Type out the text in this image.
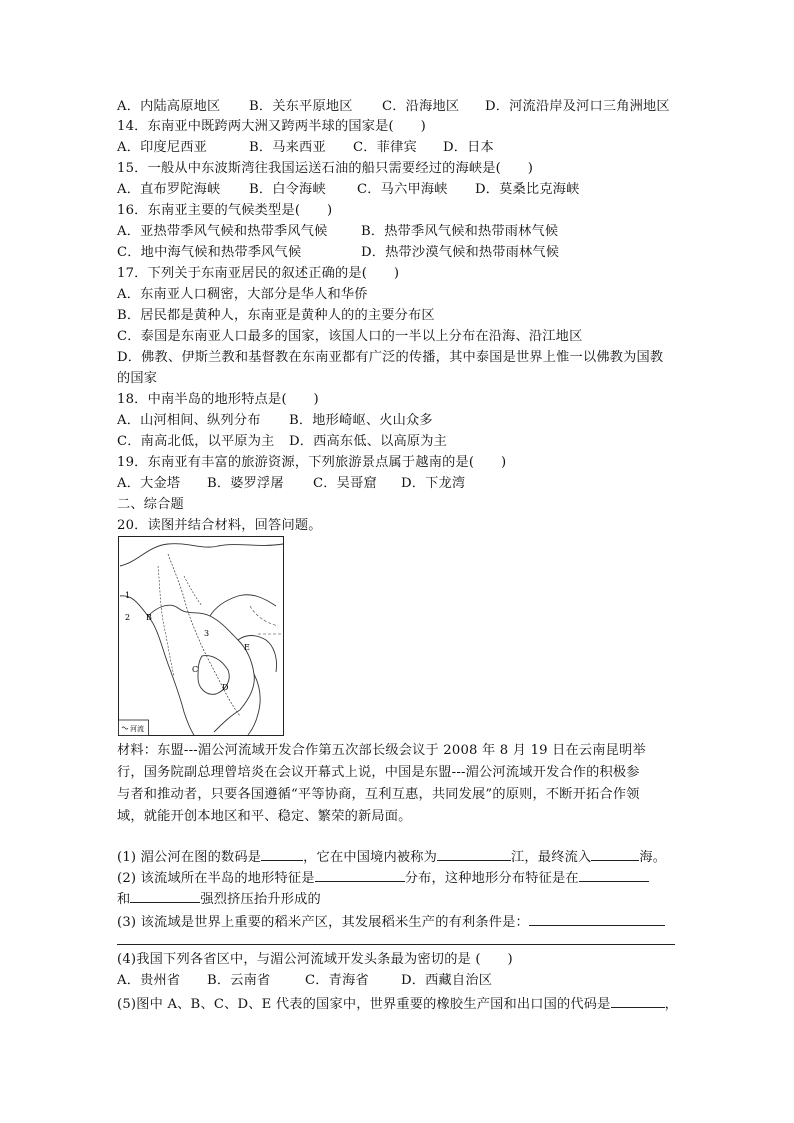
A．内陆高原地区 B．关东平原地区 C．沿海地区 D．河流沿岸及河口三角洲地区
14．东南亚中既跨两大洲又跨两半球的国家是(　　)
A．印度尼西亚	B．马来西亚 C．菲律宾 D．日本
15．一般从中东波斯湾往我国运送石油的船只需要经过的海峡是(　　)
A．直布罗陀海峡 B．白令海峡 C．马六甲海峡 D．莫桑比克海峡
16．东南亚主要的气候类型是(　　)
A．亚热带季风气候和热带季风气候	B．热带季风气候和热带雨林气候
C．地中海气候和热带季风气候	D．热带沙漠气候和热带雨林气候
17．下列关于东南亚居民的叙述正确的是(　　)
A．东南亚人口稠密，大部分是华人和华侨
B．居民都是黄种人，东南亚是黄种人的的主要分布区
C．泰国是东南亚人口最多的国家，该国人口的一半以上分布在沿海、沿江地区
D．佛教、伊斯兰教和基督教在东南亚都有广泛的传播，其中泰国是世界上惟一以佛教为国教
的国家
18．中南半岛的地形特点是(　　)
A．山河相间、纵列分布 B．地形崎岖、火山众多
C．南高北低，以平原为主 D．西高东低、以高原为主
19．东南亚有丰富的旅游资源，下列旅游景点属于越南的是(　　)
A．大金塔 B．婆罗浮屠 C．吴哥窟 D．下龙湾
二、综合题
20．读图并结合材料，回答问题。
1
2
3
B
C
D
E
河流
材料：东盟---湄公河流域开发合作第五次部长级会议于 2008 年 8 月 19 日在云南昆明举
行，国务院副总理曾培炎在会议开幕式上说，中国是东盟---湄公河流域开发合作的积极参
与者和推动者，只要各国遵循“平等协商，互利互惠，共同发展”的原则，不断开拓合作领
域，就能开创本地区和平、稳定、繁荣的新局面。
(1) 湄公河在图的数码是	，它在中国境内被称为	江，最终流入	海。
(2) 该流域所在半岛的地形特征是	分布，这种地形分布特征是在
和	强烈挤压抬升形成的
(3) 该流域是世界上重要的稻米产区，其发展稻米生产的有利条件是：
(4)我国下列各省区中，与湄公河流域开发头条最为密切的是 (　　)
A．贵州省 B．云南省	C．青海省 D．西藏自治区
(5)图中 A、B、C、D、E 代表的国家中，世界重要的橡胶生产国和出口国的代码是	，
